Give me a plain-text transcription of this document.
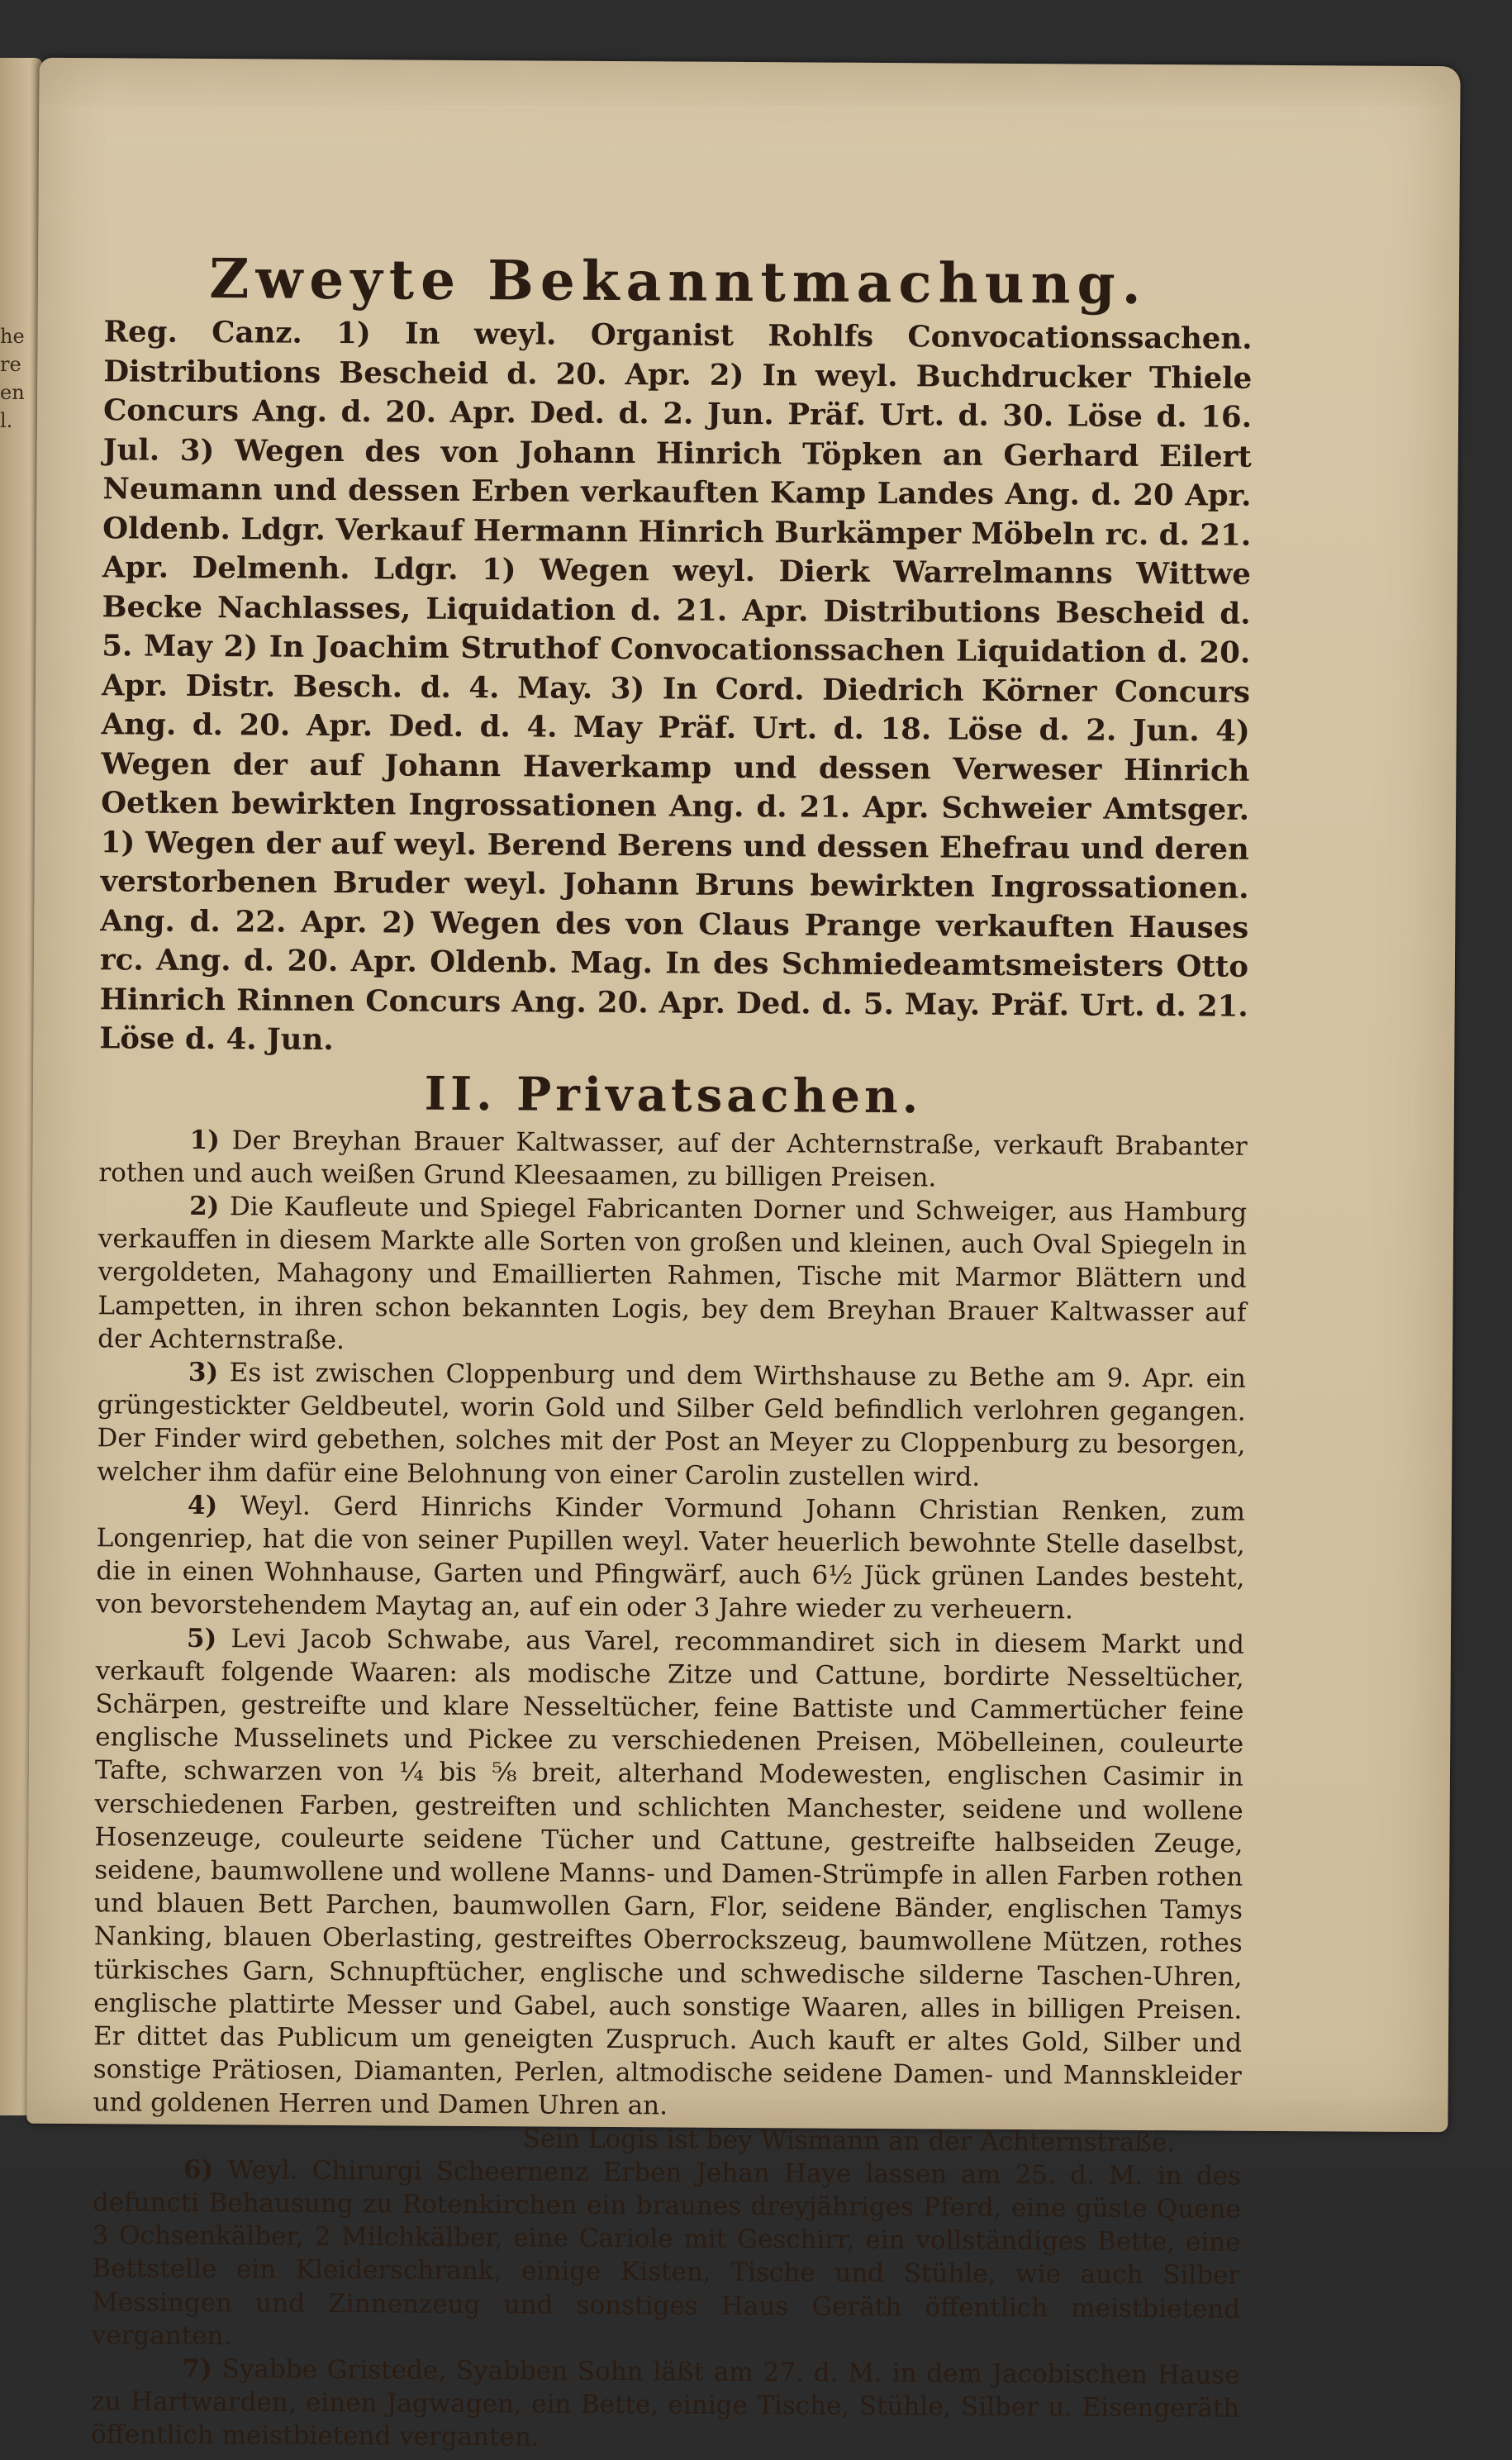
he
re
en
l.
Zweyte Bekanntmachung.

Reg. Canz. 1) In weyl. Organist Rohlfs Convocationssachen. Distributions Bescheid d. 20. Apr. 2) In weyl. Buchdrucker Thiele Concurs Ang. d. 20. Apr. Ded. d. 2. Jun. Präf. Urt. d. 30. Löse d. 16. Jul. 3) Wegen des von Johann Hinrich Töpken an Gerhard Eilert Neumann und dessen Erben verkauften Kamp Landes Ang. d. 20 Apr. Oldenb. Ldgr. Verkauf Hermann Hinrich Burkämper Möbeln rc. d. 21. Apr. Delmenh. Ldgr. 1) Wegen weyl. Dierk Warrelmanns Wittwe Becke Nachlasses, Liquidation d. 21. Apr. Distributions Bescheid d. 5. May 2) In Joachim Struthof Convocationssachen Liquidation d. 20. Apr. Distr. Besch. d. 4. May. 3) In Cord. Diedrich Körner Concurs Ang. d. 20. Apr. Ded. d. 4. May Präf. Urt. d. 18. Löse d. 2. Jun. 4) Wegen der auf Johann Haverkamp und dessen Verweser Hinrich Oetken bewirkten Ingrossationen Ang. d. 21. Apr. Schweier Amtsger. 1) Wegen der auf weyl. Berend Berens und dessen Ehefrau und deren verstorbenen Bruder weyl. Johann Bruns bewirkten Ingrossationen. Ang. d. 22. Apr. 2) Wegen des von Claus Prange verkauften Hauses rc. Ang. d. 20. Apr. Oldenb. Mag. In des Schmiedeamtsmeisters Otto Hinrich Rinnen Concurs Ang. 20. Apr. Ded. d. 5. May. Präf. Urt. d. 21. Löse d. 4. Jun.

II. Privatsachen.

1) Der Breyhan Brauer Kaltwasser, auf der Achternstraße, verkauft Brabanter rothen und auch weißen Grund Kleesaamen, zu billigen Preisen.

2) Die Kaufleute und Spiegel Fabricanten Dorner und Schweiger, aus Hamburg verkauffen in diesem Markte alle Sorten von großen und kleinen, auch Oval Spiegeln in vergoldeten, Mahagony und Emaillierten Rahmen, Tische mit Marmor Blättern und Lampetten, in ihren schon bekannten Logis, bey dem Breyhan Brauer Kaltwasser auf der Achternstraße.

3) Es ist zwischen Cloppenburg und dem Wirthshause zu Bethe am 9. Apr. ein grüngestickter Geldbeutel, worin Gold und Silber Geld befindlich verlohren gegangen. Der Finder wird gebethen, solches mit der Post an Meyer zu Cloppenburg zu besorgen, welcher ihm dafür eine Belohnung von einer Carolin zustellen wird.

4) Weyl. Gerd Hinrichs Kinder Vormund Johann Christian Renken, zum Longenriep, hat die von seiner Pupillen weyl. Vater heuerlich bewohnte Stelle daselbst, die in einen Wohnhause, Garten und Pfingwärf, auch 6½ Jück grünen Landes besteht, von bevorstehendem Maytag an, auf ein oder 3 Jahre wieder zu verheuern.

5) Levi Jacob Schwabe, aus Varel, recommandiret sich in diesem Markt und verkauft folgende Waaren: als modische Zitze und Cattune, bordirte Nesseltücher, Schärpen, gestreifte und klare Nesseltücher, feine Battiste und Cammertücher feine englische Musselinets und Pickee zu verschiedenen Preisen, Möbelleinen, couleurte Tafte, schwarzen von ¼ bis ⅝ breit, alterhand Modewesten, englischen Casimir in verschiedenen Farben, gestreiften und schlichten Manchester, seidene und wollene Hosenzeuge, couleurte seidene Tücher und Cattune, gestreifte halbseiden Zeuge, seidene, baumwollene und wollene Manns- und Damen-Strümpfe in allen Farben rothen und blauen Bett Parchen, baumwollen Garn, Flor, seidene Bänder, englischen Tamys Nanking, blauen Oberlasting, gestreiftes Oberrockszeug, baumwollene Mützen, rothes türkisches Garn, Schnupftücher, englische und schwedische silderne Taschen-Uhren, englische plattirte Messer und Gabel, auch sonstige Waaren, alles in billigen Preisen. Er dittet das Publicum um geneigten Zuspruch. Auch kauft er altes Gold, Silber und sonstige Prätiosen, Diamanten, Perlen, altmodische seidene Damen- und Mannskleider und goldenen Herren und Damen Uhren an.

Sein Logis ist bey Wismann an der Achternstraße.

6) Weyl. Chirurgi Scheernenz Erben Jehan Haye lassen am 25. d. M. in des defuncti Behausung zu Rotenkirchen ein braunes dreyjähriges Pferd, eine güste Quene 3 Ochsenkälber, 2 Milchkälber, eine Cariole mit Geschirr, ein vollständiges Bette, eine Bettstelle ein Kleiderschrank, einige Kisten, Tische und Stühle, wie auch Silber Messingen und Zinnenzeug und sonstiges Haus Geräth öffentlich meistbietend verganten.

7) Syabbe Gristede, Syabben Sohn läßt am 27. d. M. in dem Jacobischen Hause zu Hartwarden, einen Jagwagen, ein Bette, einige Tische, Stühle, Silber u. Eisengeräth öffentlich meistbietend verganten.
